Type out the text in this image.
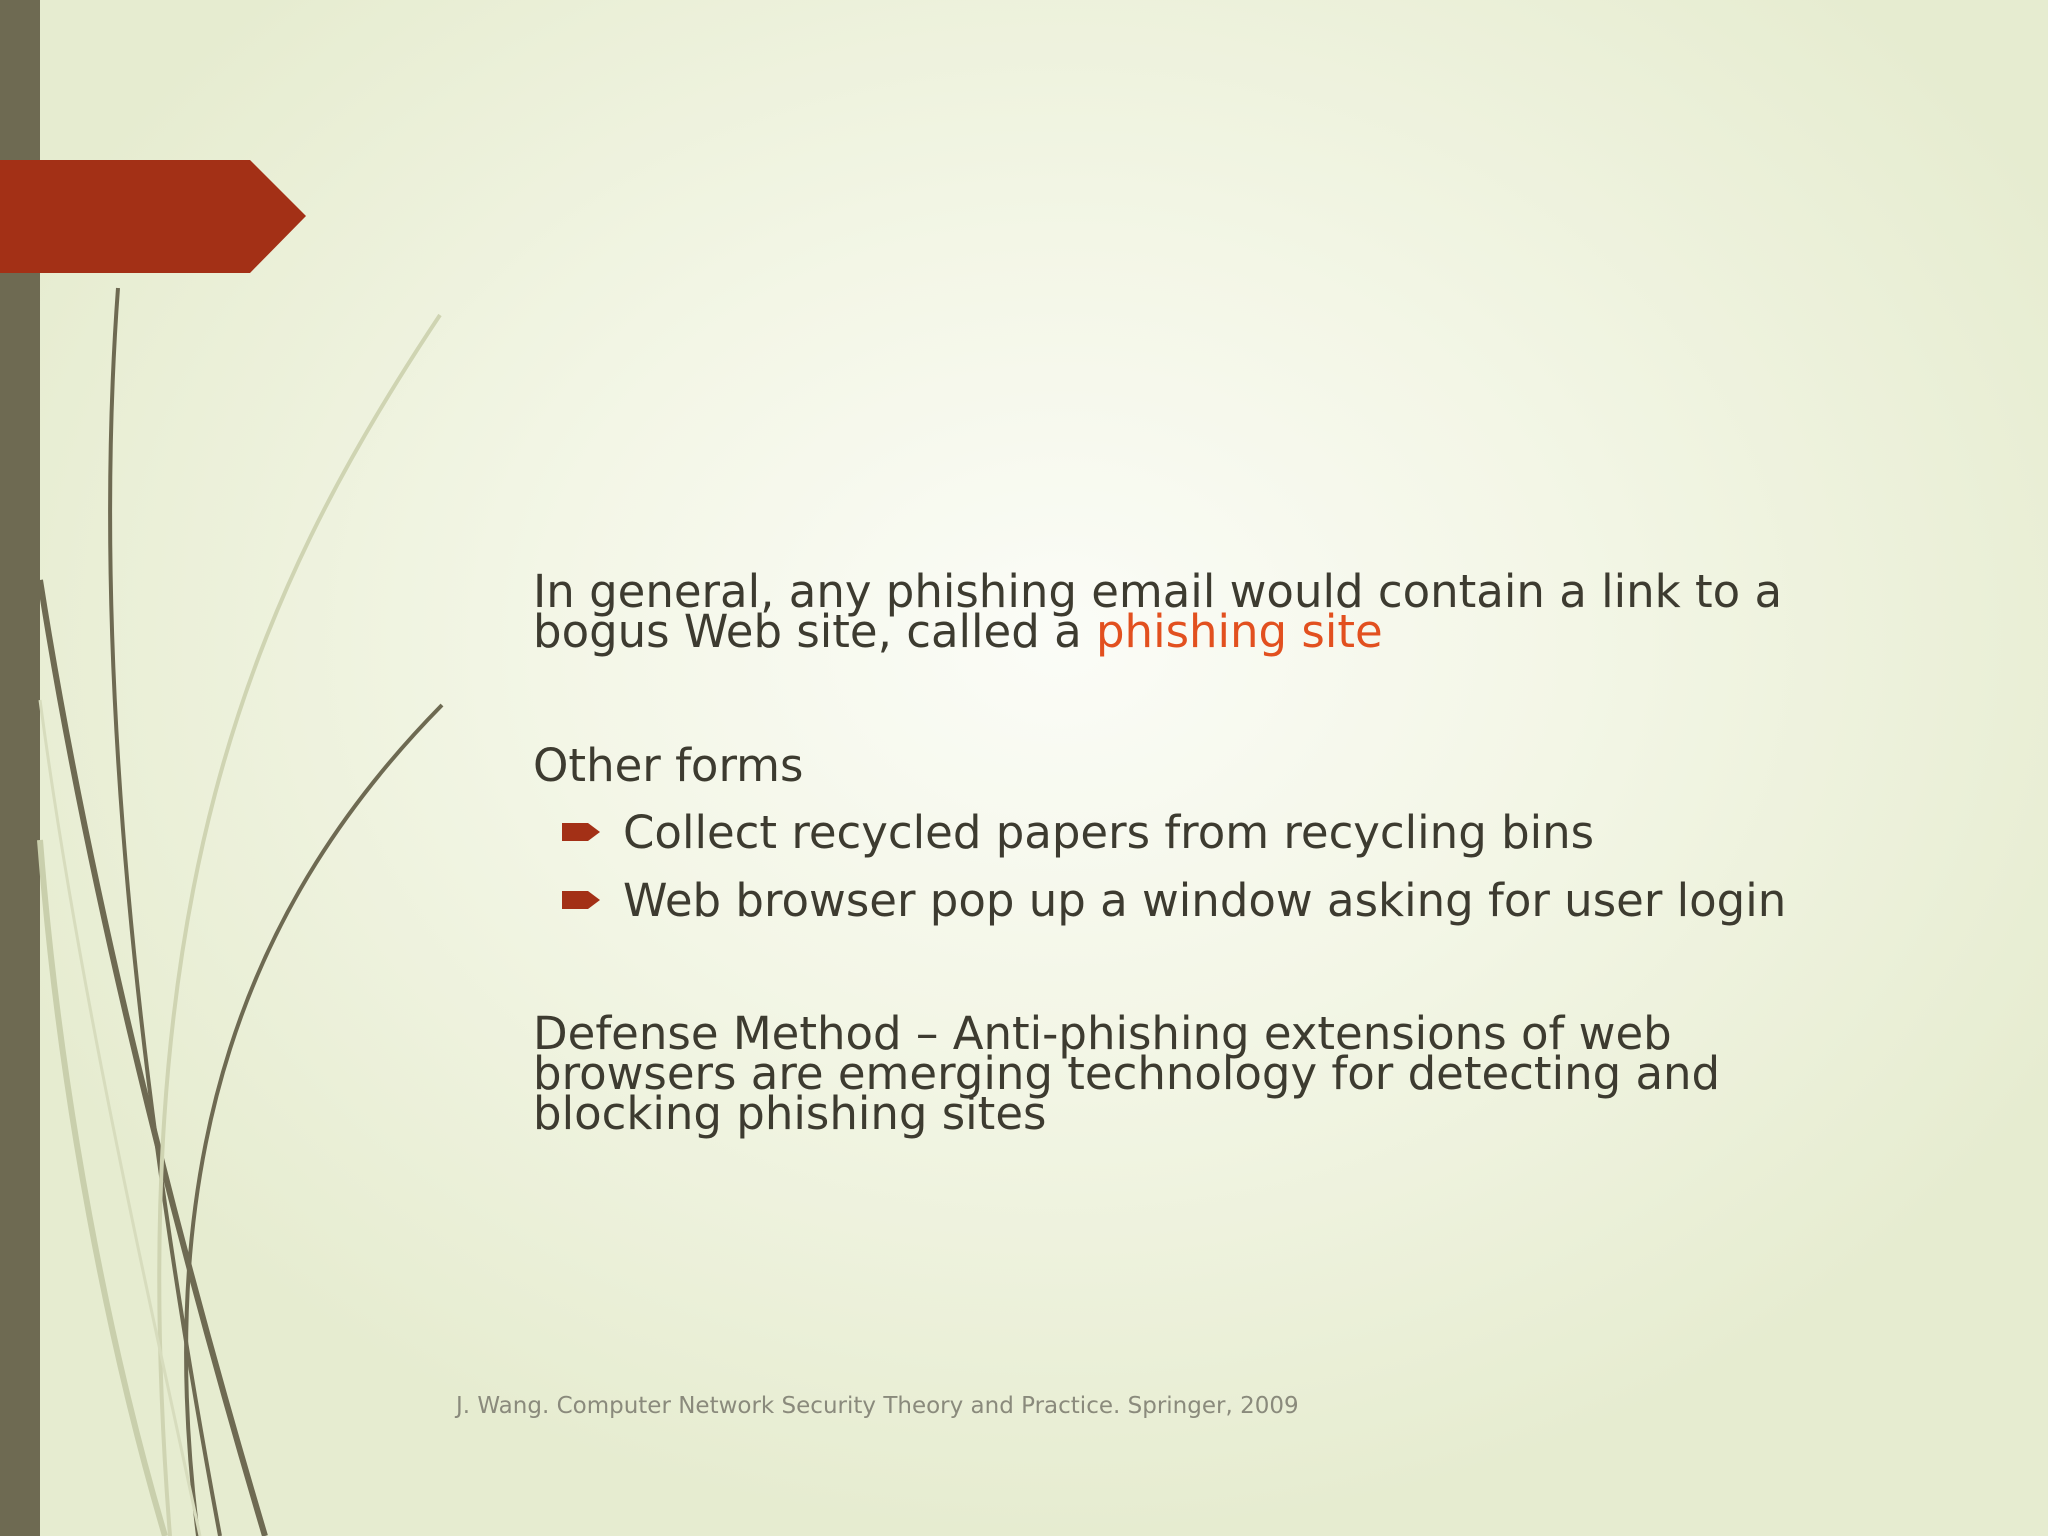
In general, any phishing email would contain a link to a
bogus Web site, called a phishing site
Other forms
Collect recycled papers from recycling bins
Web browser pop up a window asking for user login
Defense Method – Anti-phishing extensions of web
browsers are emerging technology for detecting and
blocking phishing sites
J. Wang. Computer Network Security Theory and Practice. Springer, 2009
